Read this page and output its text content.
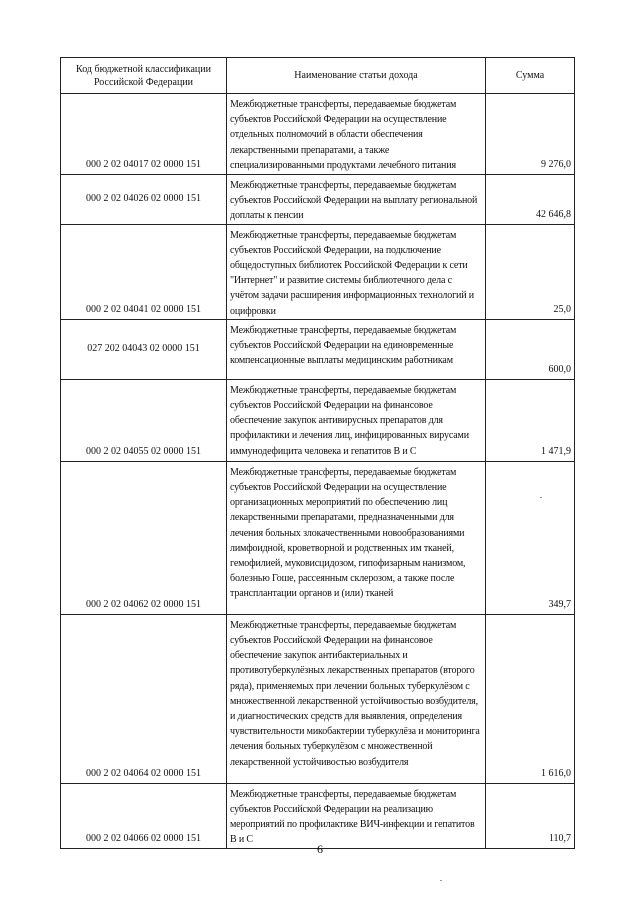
Код бюджетной классификации Российской Федерации	Наименование статьи дохода	Сумма
000 2 02 04017 02 0000 151	Межбюджетные трансферты, передаваемые бюджетам субъектов Российской Федерации на осуществление отдельных полномочий в области обеспечения лекарственными препаратами, а также специализированными продуктами лечебного питания	9 276,0
000 2 02 04026 02 0000 151	Межбюджетные трансферты, передаваемые бюджетам субъектов Российской Федерации на выплату региональной доплаты к пенсии	42 646,8
000 2 02 04041 02 0000 151	Межбюджетные трансферты, передаваемые бюджетам субъектов Российской Федерации, на подключение общедоступных библиотек Российской Федерации к сети "Интернет" и развитие системы библиотечного дела с учётом задачи расширения информационных технологий и оцифровки	25,0
027 202 04043 02 0000 151	Межбюджетные трансферты, передаваемые бюджетам субъектов Российской Федерации на единовременные компенсационные выплаты медицинским работникам	600,0
000 2 02 04055 02 0000 151	Межбюджетные трансферты, передаваемые бюджетам субъектов Российской Федерации на финансовое обеспечение закупок антивирусных препаратов для профилактики и лечения лиц, инфицированных вирусами иммунодефицита человека и гепатитов В и С	1 471,9
000 2 02 04062 02 0000 151	Межбюджетные трансферты, передаваемые бюджетам субъектов Российской Федерации на осуществление организационных мероприятий по обеспечению лиц лекарственными препаратами, предназначенными для лечения больных злокачественными новообразованиями лимфоидной, кроветворной и родственных им тканей, гемофилией, муковисцидозом, гипофизарным нанизмом, болезнью Гоше, рассеянным склерозом, а также после трансплантации органов и (или) тканей	349,7
000 2 02 04064 02 0000 151	Межбюджетные трансферты, передаваемые бюджетам субъектов Российской Федерации на финансовое обеспечение закупок антибактериальных и противотуберкулёзных лекарственных препаратов (второго ряда), применяемых при лечении больных туберкулёзом с множественной лекарственной устойчивостью возбудителя, и диагностических средств для выявления, определения чувствительности микобактерии туберкулёза и мониторинга лечения больных туберкулёзом с множественной лекарственной устойчивостью возбудителя	1 616,0
000 2 02 04066 02 0000 151	Межбюджетные трансферты, передаваемые бюджетам субъектов Российской Федерации на реализацию мероприятий по профилактике ВИЧ-инфекции и гепатитов В и С	110,7
6
